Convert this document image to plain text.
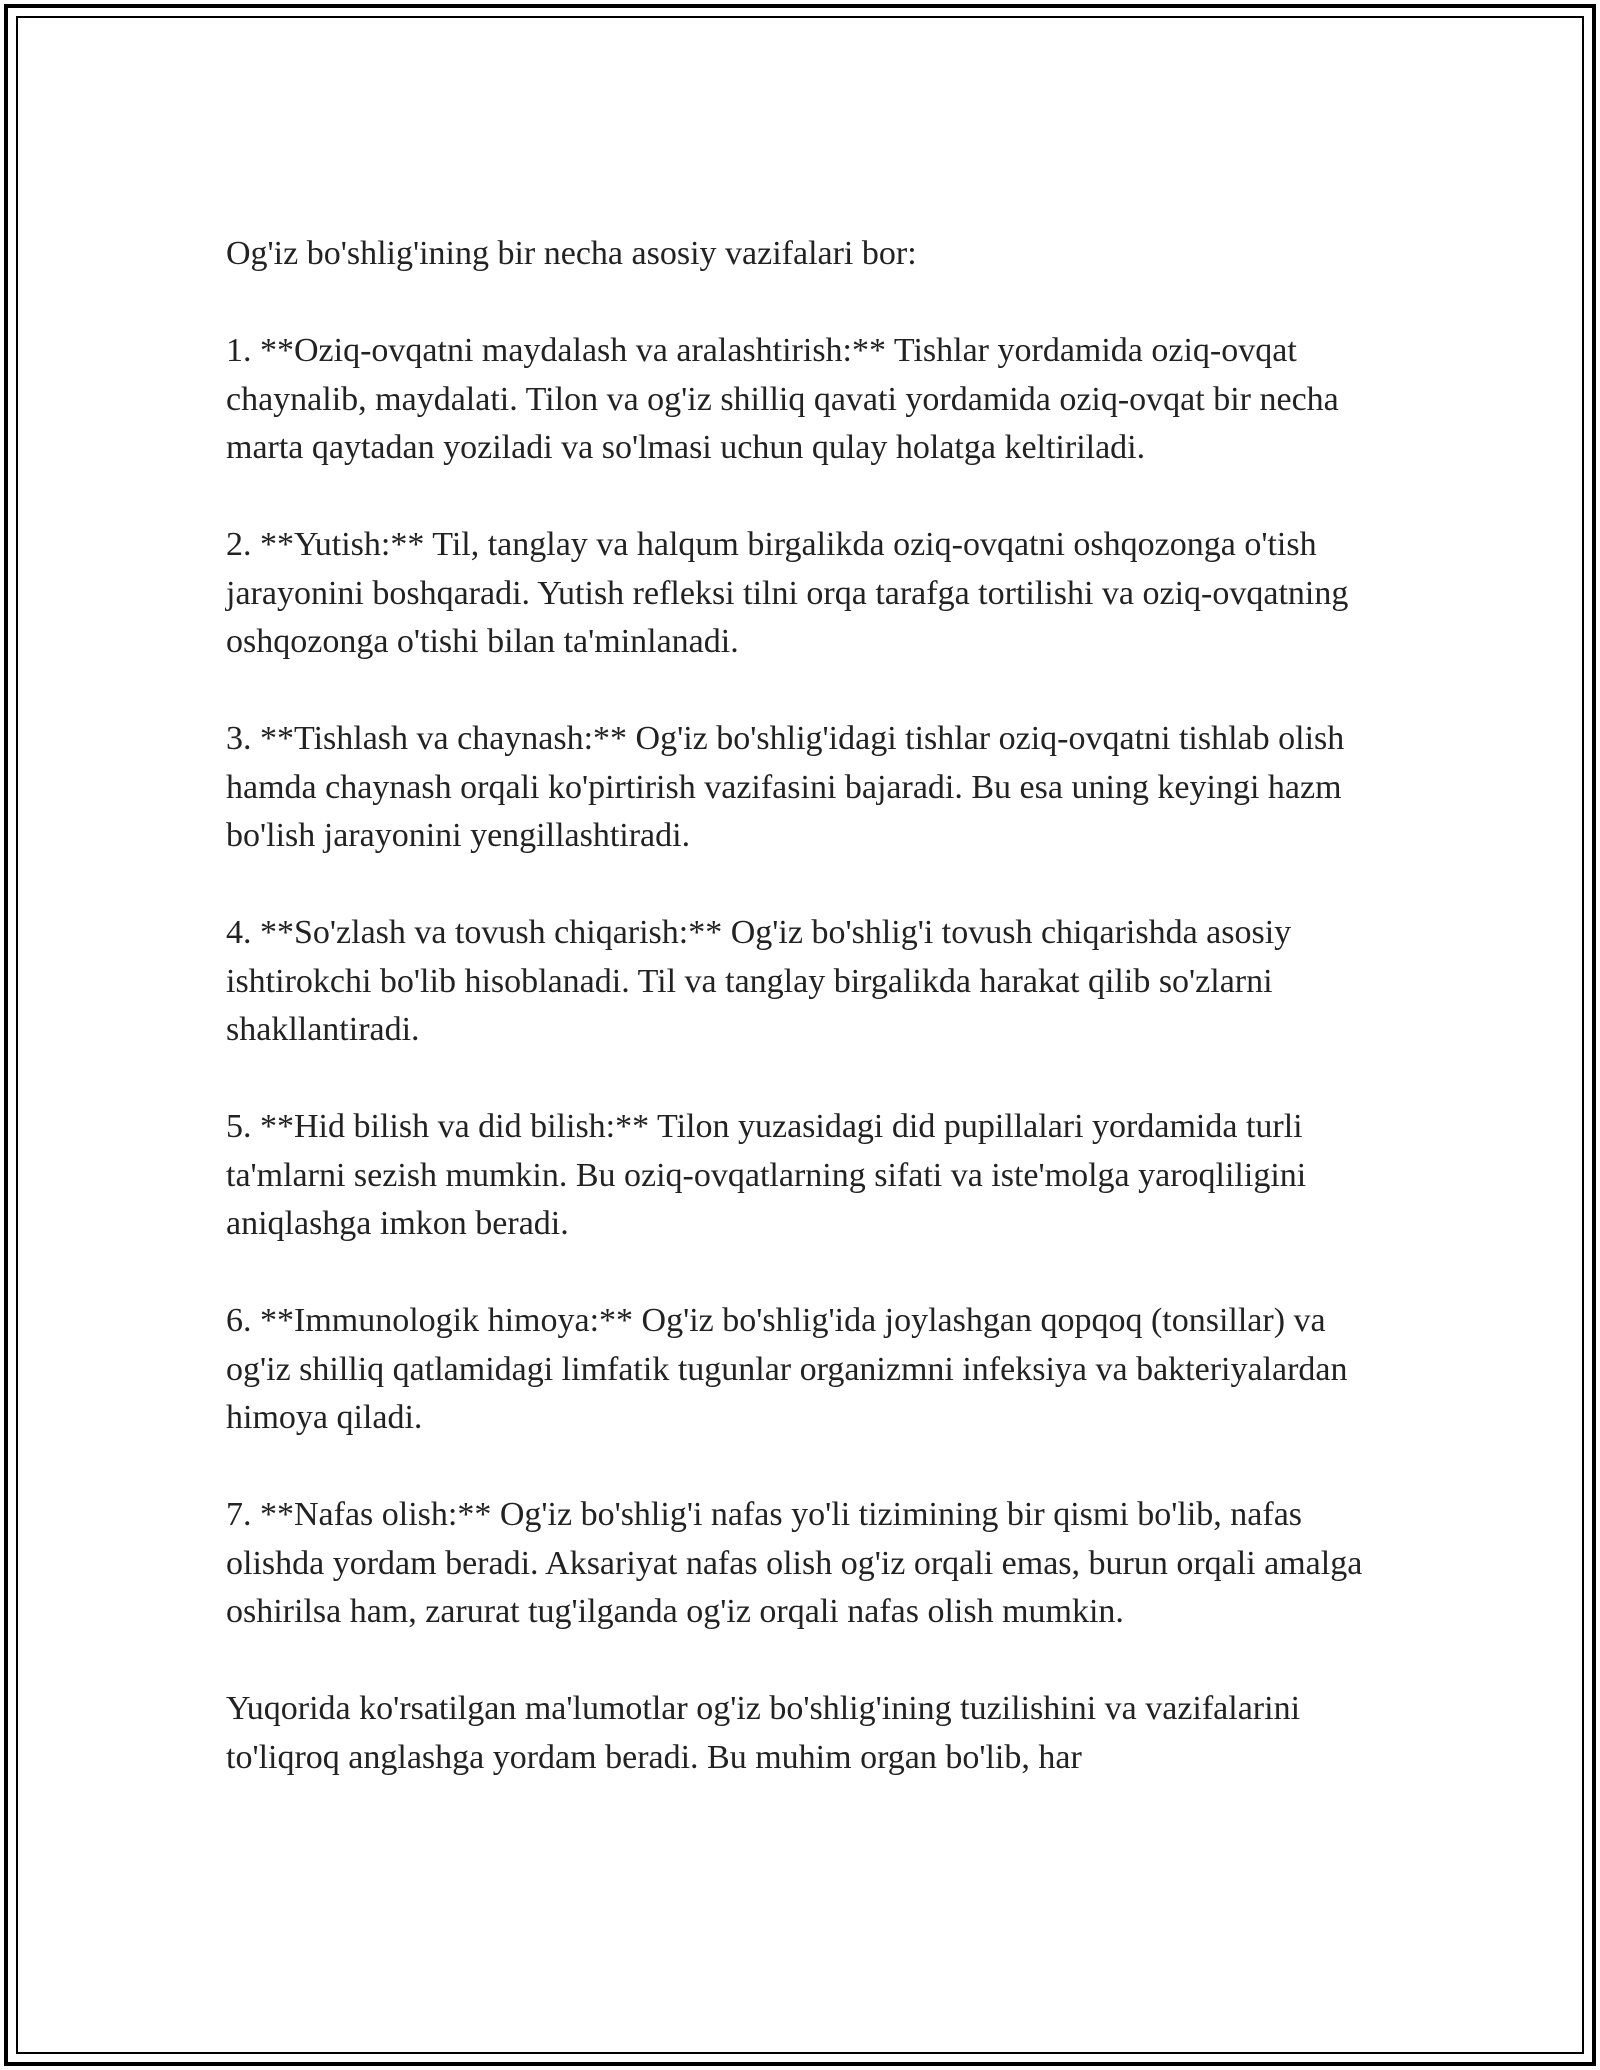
Og'iz bo'shlig'ining bir necha asosiy vazifalari bor:

1. **Oziq-ovqatni maydalash va aralashtirish:** Tishlar yordamida oziq-ovqat chaynalib, maydalati. Tilon va og'iz shilliq qavati yordamida oziq-ovqat bir necha marta qaytadan yoziladi va so'lmasi uchun qulay holatga keltiriladi.

2. **Yutish:** Til, tanglay va halqum birgalikda oziq-ovqatni oshqozonga o'tish jarayonini boshqaradi. Yutish refleksi tilni orqa tarafga tortilishi va oziq-ovqatning oshqozonga o'tishi bilan ta'minlanadi.

3. **Tishlash va chaynash:** Og'iz bo'shlig'idagi tishlar oziq-ovqatni tishlab olish hamda chaynash orqali ko'pirtirish vazifasini bajaradi. Bu esa uning keyingi hazm bo'lish jarayonini yengillashtiradi.

4. **So'zlash va tovush chiqarish:** Og'iz bo'shlig'i tovush chiqarishda asosiy ishtirokchi bo'lib hisoblanadi. Til va tanglay birgalikda harakat qilib so'zlarni shakllantiradi.

5. **Hid bilish va did bilish:** Tilon yuzasidagi did pupillalari yordamida turli ta'mlarni sezish mumkin. Bu oziq-ovqatlarning sifati va iste'molga yaroqliligini aniqlashga imkon beradi.

6. **Immunologik himoya:** Og'iz bo'shlig'ida joylashgan qopqoq (tonsillar) va og'iz shilliq qatlamidagi limfatik tugunlar organizmni infeksiya va bakteriyalardan himoya qiladi.

7. **Nafas olish:** Og'iz bo'shlig'i nafas yo'li tizimining bir qismi bo'lib, nafas olishda yordam beradi. Aksariyat nafas olish og'iz orqali emas, burun orqali amalga oshirilsa ham, zarurat tug'ilganda og'iz orqali nafas olish mumkin.

Yuqorida ko'rsatilgan ma'lumotlar og'iz bo'shlig'ining tuzilishini va vazifalarini to'liqroq anglashga yordam beradi. Bu muhim organ bo'lib, har
